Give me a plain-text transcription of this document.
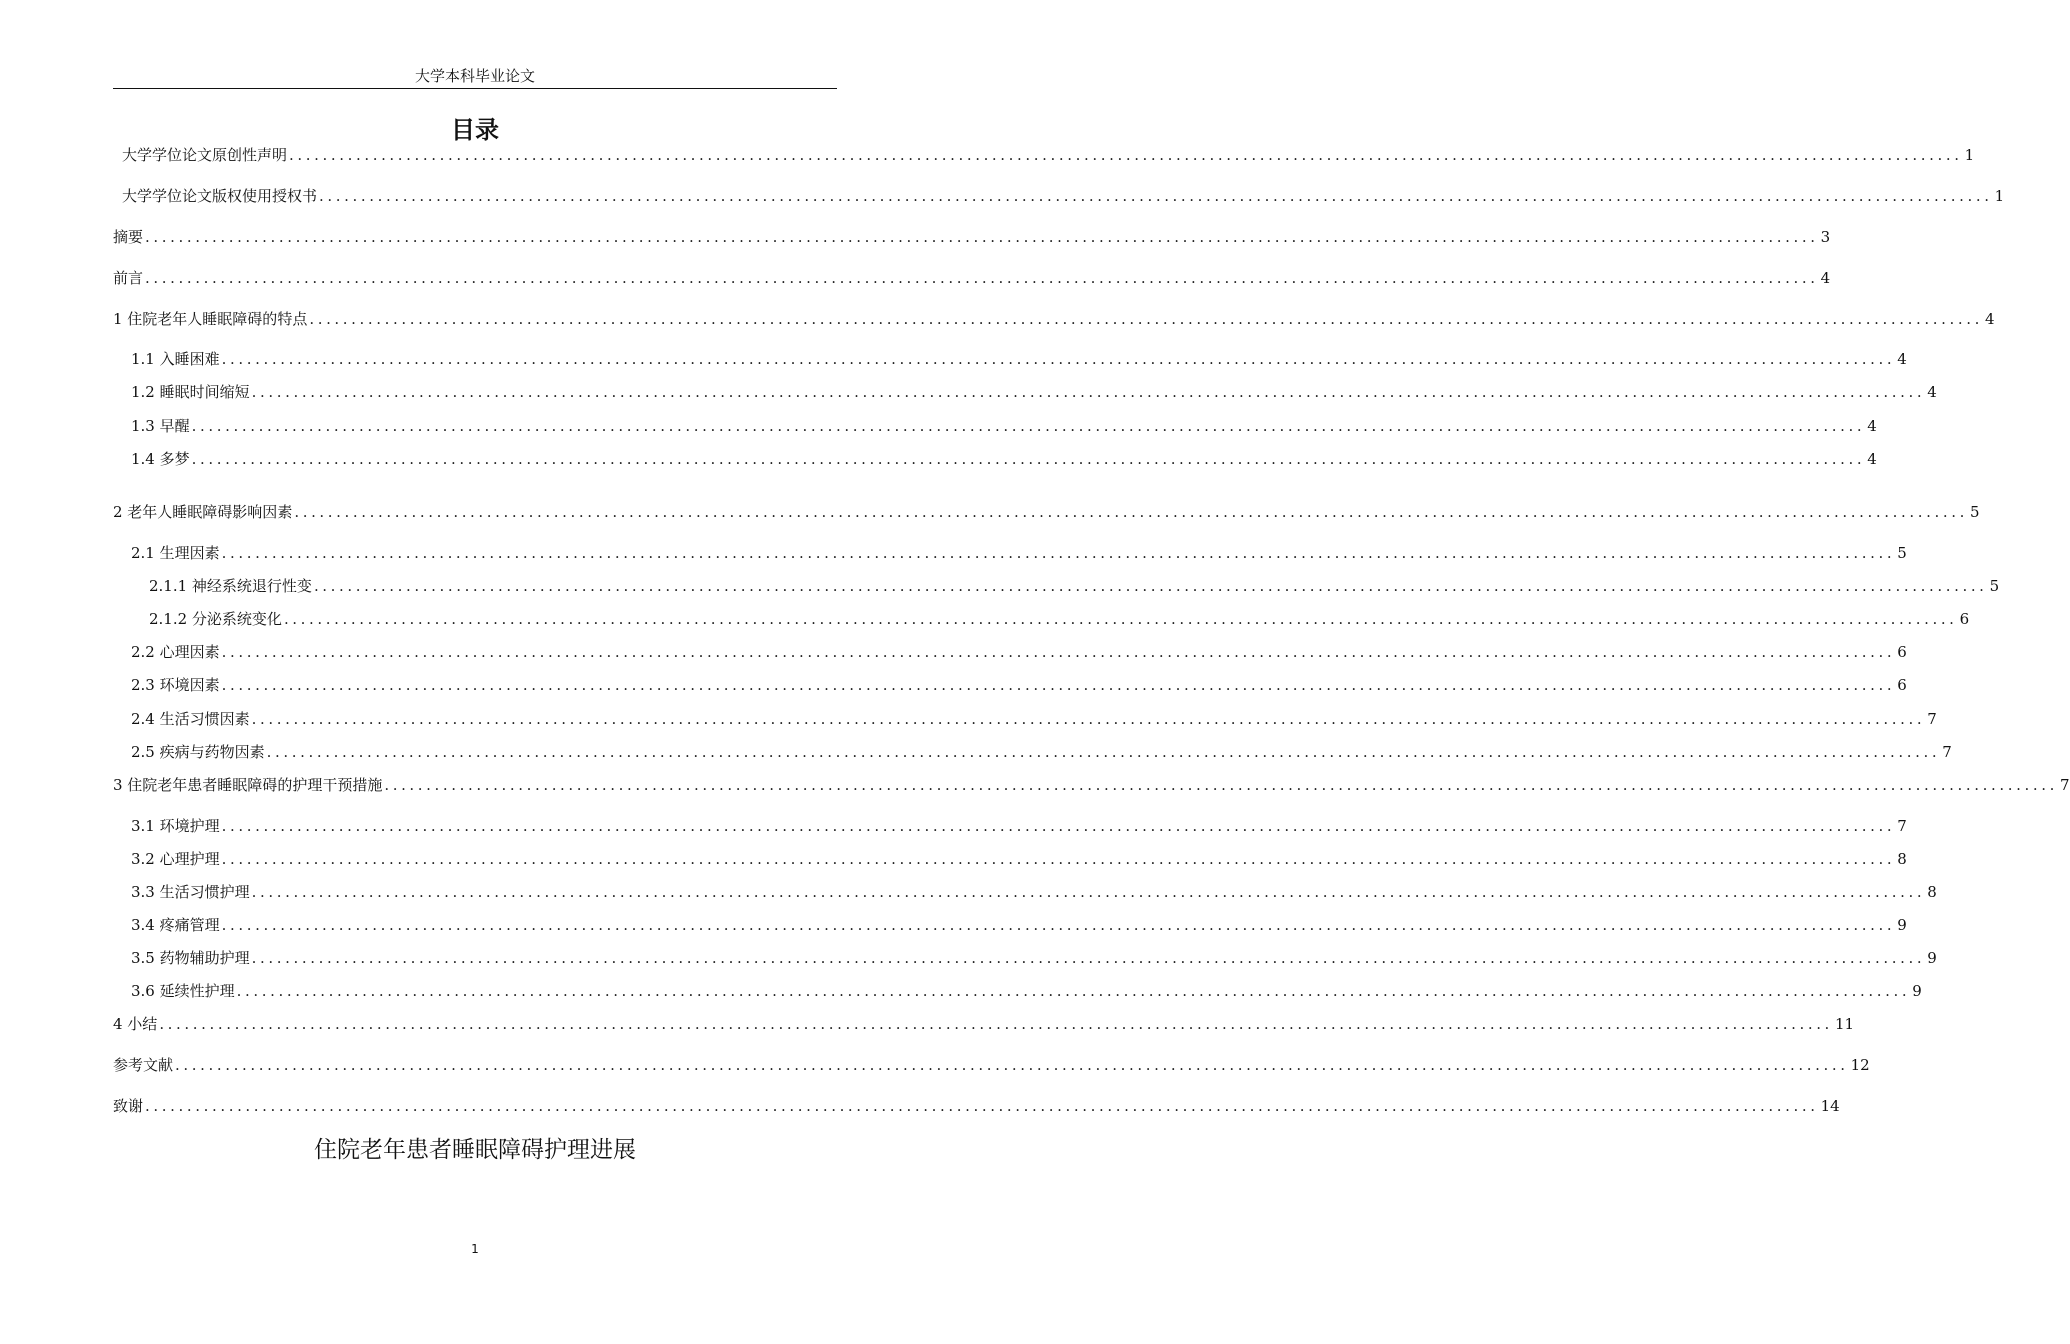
大学本科毕业论文
目录
大学学位论文原创性声明 ........................................................................................................................................................................................................ 1
大学学位论文版权使用授权书 ........................................................................................................................................................................................................ 1
摘要 ........................................................................................................................................................................................................ 3
前言 ........................................................................................................................................................................................................ 4
1 住院老年人睡眠障碍的特点 ........................................................................................................................................................................................................ 4
1.1 入睡困难 ........................................................................................................................................................................................................ 4
1.2 睡眠时间缩短 ........................................................................................................................................................................................................ 4
1.3 早醒 ........................................................................................................................................................................................................ 4
1.4 多梦 ........................................................................................................................................................................................................ 4
2 老年人睡眠障碍影响因素 ........................................................................................................................................................................................................ 5
2.1 生理因素 ........................................................................................................................................................................................................ 5
2.1.1 神经系统退行性变 ........................................................................................................................................................................................................ 5
2.1.2 分泌系统变化 ........................................................................................................................................................................................................ 6
2.2 心理因素 ........................................................................................................................................................................................................ 6
2.3 环境因素 ........................................................................................................................................................................................................ 6
2.4 生活习惯因素 ........................................................................................................................................................................................................ 7
2.5 疾病与药物因素 ........................................................................................................................................................................................................ 7
3 住院老年患者睡眠障碍的护理干预措施 ........................................................................................................................................................................................................ 7
3.1 环境护理 ........................................................................................................................................................................................................ 7
3.2 心理护理 ........................................................................................................................................................................................................ 8
3.3 生活习惯护理 ........................................................................................................................................................................................................ 8
3.4 疼痛管理 ........................................................................................................................................................................................................ 9
3.5 药物辅助护理 ........................................................................................................................................................................................................ 9
3.6 延续性护理 ........................................................................................................................................................................................................ 9
4 小结 ........................................................................................................................................................................................................ 11
参考文献 ........................................................................................................................................................................................................ 12
致谢 ........................................................................................................................................................................................................ 14
住院老年患者睡眠障碍护理进展
1
